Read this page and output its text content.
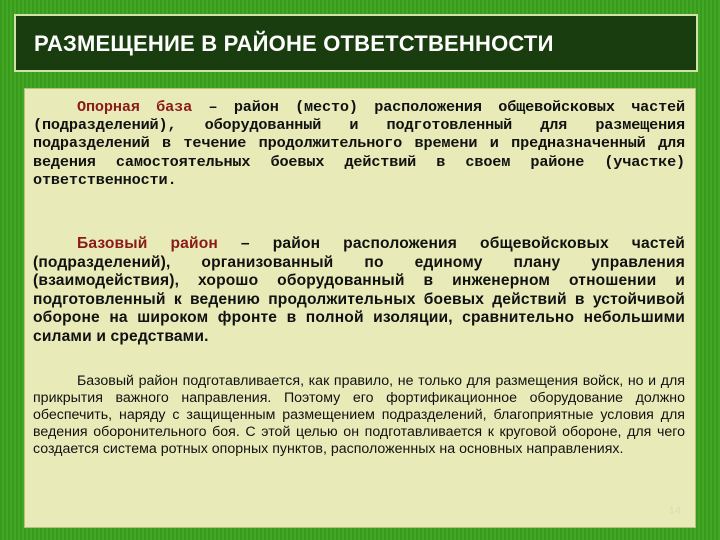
РАЗМЕЩЕНИЕ В РАЙОНЕ ОТВЕТСТВЕННОСТИ

Опорная база – район (место) расположения общевойсковых частей (подразделений), оборудованный и подготовленный для размещения подразделений в течение продолжительного времени и предназначенный для ведения самостоятельных боевых действий в своем районе (участке) ответственности.

Базовый район – район расположения общевойсковых частей (подразделений), организованный по единому плану управления (взаимодействия), хорошо оборудованный в инженерном отношении и подготовленный к ведению продолжительных боевых действий в устойчивой обороне на широком фронте в полной изоляции, сравнительно небольшими силами и средствами.

Базовый район подготавливается, как правило, не только для размещения войск, но и для прикрытия важного направления. Поэтому его фортификационное оборудование должно обеспечить, наряду с защищенным размещением подразделений, благоприятные условия для ведения оборонительного боя. С этой целью он подготавливается к круговой обороне, для чего создается система ротных опорных пунктов, расположенных на основных направлениях.

14
